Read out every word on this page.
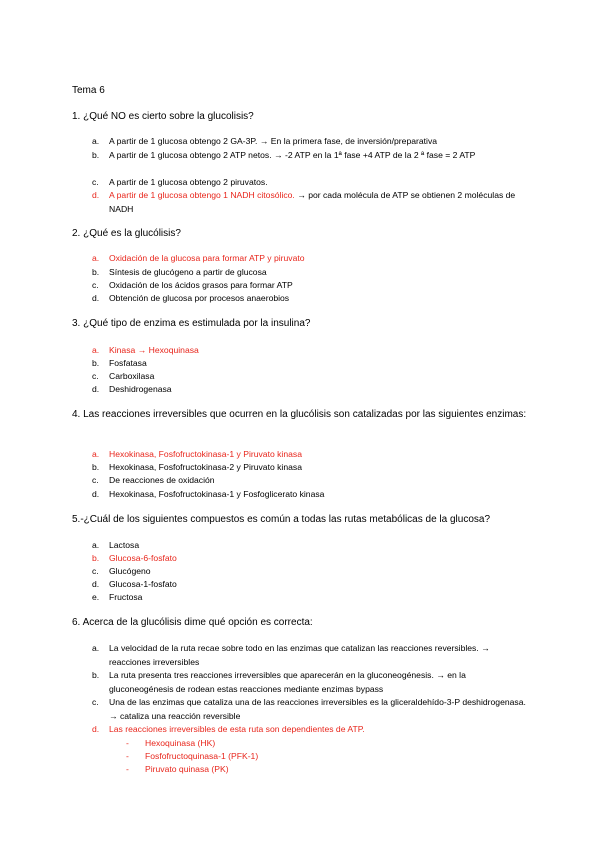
Tema 6
1. ¿Qué NO es cierto sobre la glucolisis?
a.	A partir de 1 glucosa obtengo 2 GA-3P. → En la primera fase, de inversión/preparativa
b.	A partir de 1 glucosa obtengo 2 ATP netos. → -2 ATP en la 1ª fase +4 ATP de la 2 ª fase = 2 ATP
c.	A partir de 1 glucosa obtengo 2 piruvatos.
d.	A partir de 1 glucosa obtengo 1 NADH citosólico. → por cada molécula de ATP se obtienen 2 moléculas de NADH
2. ¿Qué es la glucólisis?
a.	Oxidación de la glucosa para formar ATP y piruvato
b.	Síntesis de glucógeno a partir de glucosa
c.	Oxidación de los ácidos grasos para formar ATP
d.	Obtención de glucosa por procesos anaerobios
3. ¿Qué tipo de enzima es estimulada por la insulina?
a.	Kinasa → Hexoquinasa
b.	Fosfatasa
c.	Carboxilasa
d.	Deshidrogenasa
4. Las reacciones irreversibles que ocurren en la glucólisis son catalizadas por las siguientes enzimas:
a.	Hexokinasa, Fosfofructokinasa-1 y Piruvato kinasa
b.	Hexokinasa, Fosfofructokinasa-2 y Piruvato kinasa
c.	De reacciones de oxidación
d.	Hexokinasa, Fosfofructokinasa-1 y Fosfoglicerato kinasa
5.-¿Cuál de los siguientes compuestos es común a todas las rutas metabólicas de la glucosa?
a.	Lactosa
b.	Glucosa-6-fosfato
c.	Glucógeno
d.	Glucosa-1-fosfato
e.	Fructosa
6. Acerca de la glucólisis dime qué opción es correcta:
a.	La velocidad de la ruta recae sobre todo en las enzimas que catalizan las reacciones reversibles. → reacciones irreversibles
b.	La ruta presenta tres reacciones irreversibles que aparecerán en la gluconeogénesis. → en la gluconeogénesis de rodean estas reacciones mediante enzimas bypass
c.	Una de las enzimas que cataliza una de las reacciones irreversibles es la gliceraldehído-3-P deshidrogenasa. → cataliza una reacción reversible
d.	Las reacciones irreversibles de esta ruta son dependientes de ATP.
-	Hexoquinasa (HK)
-	Fosfofructoquinasa-1 (PFK-1)
-	Piruvato quinasa (PK)
